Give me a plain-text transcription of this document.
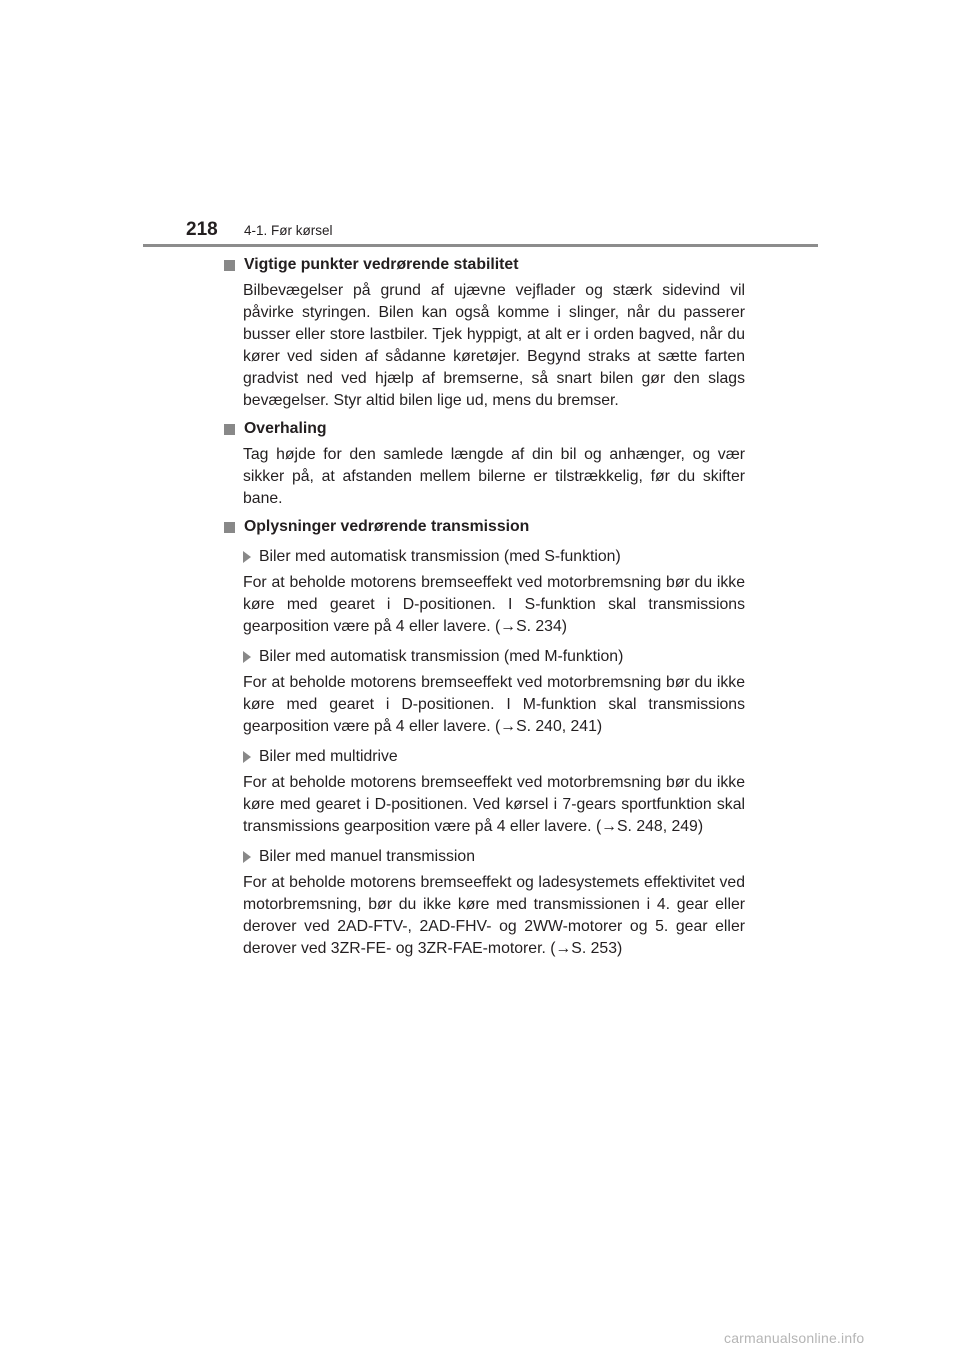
218 4-1. Før kørsel

Vigtige punkter vedrørende stabilitet

Bilbevægelser på grund af ujævne vejflader og stærk sidevind vil påvirke styringen. Bilen kan også komme i slinger, når du passerer busser eller store lastbiler. Tjek hyppigt, at alt er i orden bagved, når du kører ved siden af sådanne køretøjer. Begynd straks at sætte farten gradvist ned ved hjælp af bremserne, så snart bilen gør den slags bevægelser. Styr altid bilen lige ud, mens du bremser.

Overhaling

Tag højde for den samlede længde af din bil og anhænger, og vær sikker på, at afstanden mellem bilerne er tilstrækkelig, før du skifter bane.

Oplysninger vedrørende transmission

Biler med automatisk transmission (med S-funktion)

For at beholde motorens bremseeffekt ved motorbremsning bør du ikke køre med gearet i D-positionen. I S-funktion skal transmissions gearposition være på 4 eller lavere. (→S. 234)

Biler med automatisk transmission (med M-funktion)

For at beholde motorens bremseeffekt ved motorbremsning bør du ikke køre med gearet i D-positionen. I M-funktion skal transmissions gearposition være på 4 eller lavere. (→S. 240, 241)

Biler med multidrive

For at beholde motorens bremseeffekt ved motorbremsning bør du ikke køre med gearet i D-positionen. Ved kørsel i 7-gears sportfunktion skal transmissions gearposition være på 4 eller lavere. (→S. 248, 249)

Biler med manuel transmission

For at beholde motorens bremseeffekt og ladesystemets effektivitet ved motorbremsning, bør du ikke køre med transmissionen i 4. gear eller derover ved 2AD-FTV-, 2AD-FHV- og 2WW-motorer og 5. gear eller derover ved 3ZR-FE- og 3ZR-FAE-motorer. (→S. 253)

carmanualsonline.info
